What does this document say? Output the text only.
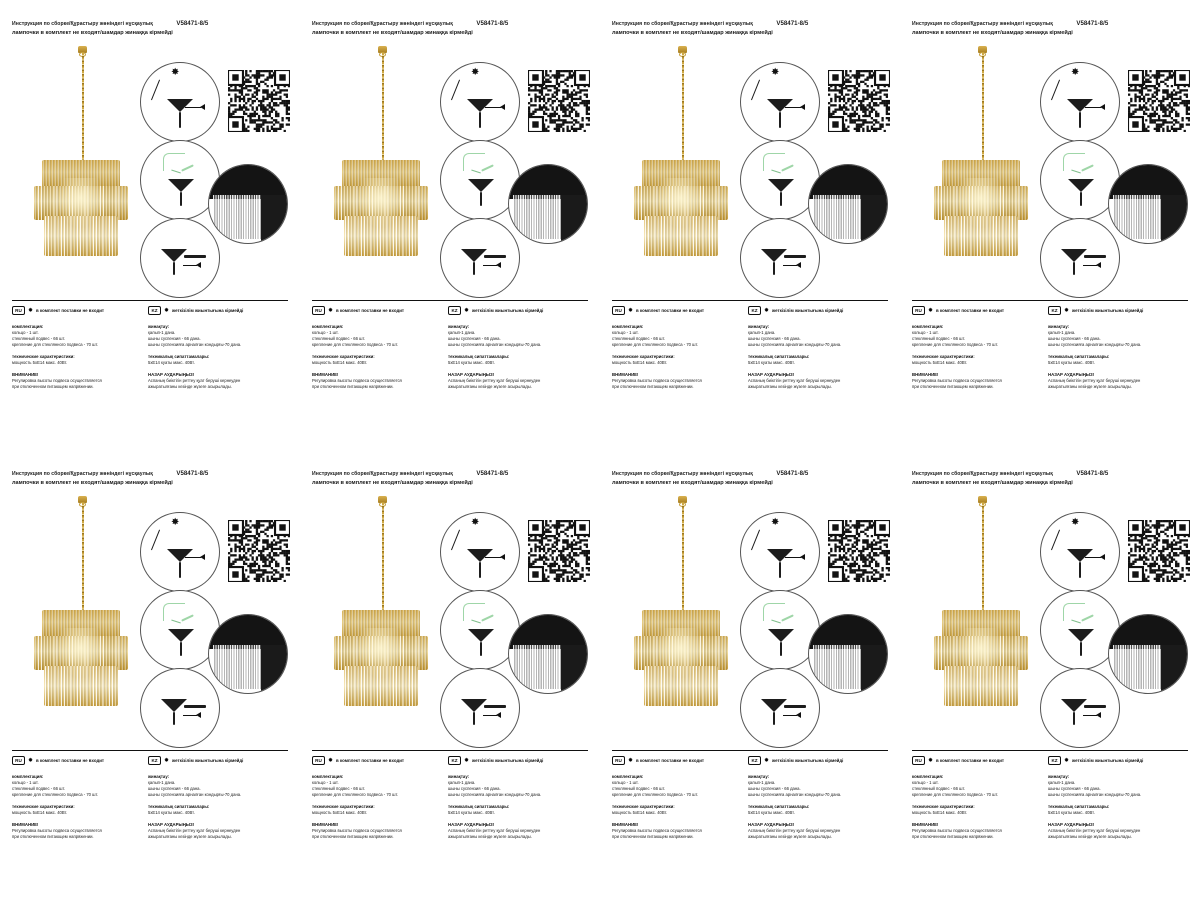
Инструкция по сборке/Құрастыру жөніндегі нұсқаулық	V58471-8/5
лампочки в комплект не входят/шамдар жинаққа кірмейді
✸
RU	✸ в комплект поставки не входит	KZ	✸ жеткізілім жиынтығына кірмейді
комплектация:
кольцо - 1 шт.
стеклянный подвес - 66 шт.
крепление для стеклянного подвеса - 70 шт.
технические характеристики:
мощность 5хЕ14 макс. 40Вт.
ВНИМАНИЕ!
Регулировка высоты подвеса осуществляется
при отключенном питающем напряжении.
жинақтау:
қалып-1 дана.
шыны суспензия - 66 дана.
шыны суспензияға арналған кондырғы-70 дана.
техникалық сипаттамалары:
5хЕ14 куаты макс. 40Вт.
НАЗАР АУДАРЫҢЫЗ!
Аспаның биіктігін реттеу қуат беруші кернеуден
ажыратылғаны кезінде жүзеге асырылады.
Инструкция по сборке/Құрастыру жөніндегі нұсқаулық	V58471-8/5
лампочки в комплект не входят/шамдар жинаққа кірмейді
✸
RU	✸ в комплект поставки не входит	KZ	✸ жеткізілім жиынтығына кірмейді
комплектация:
кольцо - 1 шт.
стеклянный подвес - 66 шт.
крепление для стеклянного подвеса - 70 шт.
технические характеристики:
мощность 5хЕ14 макс. 40Вт.
ВНИМАНИЕ!
Регулировка высоты подвеса осуществляется
при отключенном питающем напряжении.
жинақтау:
қалып-1 дана.
шыны суспензия - 66 дана.
шыны суспензияға арналған кондырғы-70 дана.
техникалық сипаттамалары:
5хЕ14 куаты макс. 40Вт.
НАЗАР АУДАРЫҢЫЗ!
Аспаның биіктігін реттеу қуат беруші кернеуден
ажыратылғаны кезінде жүзеге асырылады.
Инструкция по сборке/Құрастыру жөніндегі нұсқаулық	V58471-8/5
лампочки в комплект не входят/шамдар жинаққа кірмейді
✸
RU	✸ в комплект поставки не входит	KZ	✸ жеткізілім жиынтығына кірмейді
комплектация:
кольцо - 1 шт.
стеклянный подвес - 66 шт.
крепление для стеклянного подвеса - 70 шт.
технические характеристики:
мощность 5хЕ14 макс. 40Вт.
ВНИМАНИЕ!
Регулировка высоты подвеса осуществляется
при отключенном питающем напряжении.
жинақтау:
қалып-1 дана.
шыны суспензия - 66 дана.
шыны суспензияға арналған кондырғы-70 дана.
техникалық сипаттамалары:
5хЕ14 куаты макс. 40Вт.
НАЗАР АУДАРЫҢЫЗ!
Аспаның биіктігін реттеу қуат беруші кернеуден
ажыратылғаны кезінде жүзеге асырылады.
Инструкция по сборке/Құрастыру жөніндегі нұсқаулық	V58471-8/5
лампочки в комплект не входят/шамдар жинаққа кірмейді
✸
RU	✸ в комплект поставки не входит	KZ	✸ жеткізілім жиынтығына кірмейді
комплектация:
кольцо - 1 шт.
стеклянный подвес - 66 шт.
крепление для стеклянного подвеса - 70 шт.
технические характеристики:
мощность 5хЕ14 макс. 40Вт.
ВНИМАНИЕ!
Регулировка высоты подвеса осуществляется
при отключенном питающем напряжении.
жинақтау:
қалып-1 дана.
шыны суспензия - 66 дана.
шыны суспензияға арналған кондырғы-70 дана.
техникалық сипаттамалары:
5хЕ14 куаты макс. 40Вт.
НАЗАР АУДАРЫҢЫЗ!
Аспаның биіктігін реттеу қуат беруші кернеуден
ажыратылғаны кезінде жүзеге асырылады.
Инструкция по сборке/Құрастыру жөніндегі нұсқаулық	V58471-8/5
лампочки в комплект не входят/шамдар жинаққа кірмейді
✸
RU	✸ в комплект поставки не входит	KZ	✸ жеткізілім жиынтығына кірмейді
комплектация:
кольцо - 1 шт.
стеклянный подвес - 66 шт.
крепление для стеклянного подвеса - 70 шт.
технические характеристики:
мощность 5хЕ14 макс. 40Вт.
ВНИМАНИЕ!
Регулировка высоты подвеса осуществляется
при отключенном питающем напряжении.
жинақтау:
қалып-1 дана.
шыны суспензия - 66 дана.
шыны суспензияға арналған кондырғы-70 дана.
техникалық сипаттамалары:
5хЕ14 куаты макс. 40Вт.
НАЗАР АУДАРЫҢЫЗ!
Аспаның биіктігін реттеу қуат беруші кернеуден
ажыратылғаны кезінде жүзеге асырылады.
Инструкция по сборке/Құрастыру жөніндегі нұсқаулық	V58471-8/5
лампочки в комплект не входят/шамдар жинаққа кірмейді
✸
RU	✸ в комплект поставки не входит	KZ	✸ жеткізілім жиынтығына кірмейді
комплектация:
кольцо - 1 шт.
стеклянный подвес - 66 шт.
крепление для стеклянного подвеса - 70 шт.
технические характеристики:
мощность 5хЕ14 макс. 40Вт.
ВНИМАНИЕ!
Регулировка высоты подвеса осуществляется
при отключенном питающем напряжении.
жинақтау:
қалып-1 дана.
шыны суспензия - 66 дана.
шыны суспензияға арналған кондырғы-70 дана.
техникалық сипаттамалары:
5хЕ14 куаты макс. 40Вт.
НАЗАР АУДАРЫҢЫЗ!
Аспаның биіктігін реттеу қуат беруші кернеуден
ажыратылғаны кезінде жүзеге асырылады.
Инструкция по сборке/Құрастыру жөніндегі нұсқаулық	V58471-8/5
лампочки в комплект не входят/шамдар жинаққа кірмейді
✸
RU	✸ в комплект поставки не входит	KZ	✸ жеткізілім жиынтығына кірмейді
комплектация:
кольцо - 1 шт.
стеклянный подвес - 66 шт.
крепление для стеклянного подвеса - 70 шт.
технические характеристики:
мощность 5хЕ14 макс. 40Вт.
ВНИМАНИЕ!
Регулировка высоты подвеса осуществляется
при отключенном питающем напряжении.
жинақтау:
қалып-1 дана.
шыны суспензия - 66 дана.
шыны суспензияға арналған кондырғы-70 дана.
техникалық сипаттамалары:
5хЕ14 куаты макс. 40Вт.
НАЗАР АУДАРЫҢЫЗ!
Аспаның биіктігін реттеу қуат беруші кернеуден
ажыратылғаны кезінде жүзеге асырылады.
Инструкция по сборке/Құрастыру жөніндегі нұсқаулық	V58471-8/5
лампочки в комплект не входят/шамдар жинаққа кірмейді
✸
RU	✸ в комплект поставки не входит	KZ	✸ жеткізілім жиынтығына кірмейді
комплектация:
кольцо - 1 шт.
стеклянный подвес - 66 шт.
крепление для стеклянного подвеса - 70 шт.
технические характеристики:
мощность 5хЕ14 макс. 40Вт.
ВНИМАНИЕ!
Регулировка высоты подвеса осуществляется
при отключенном питающем напряжении.
жинақтау:
қалып-1 дана.
шыны суспензия - 66 дана.
шыны суспензияға арналған кондырғы-70 дана.
техникалық сипаттамалары:
5хЕ14 куаты макс. 40Вт.
НАЗАР АУДАРЫҢЫЗ!
Аспаның биіктігін реттеу қуат беруші кернеуден
ажыратылғаны кезінде жүзеге асырылады.
